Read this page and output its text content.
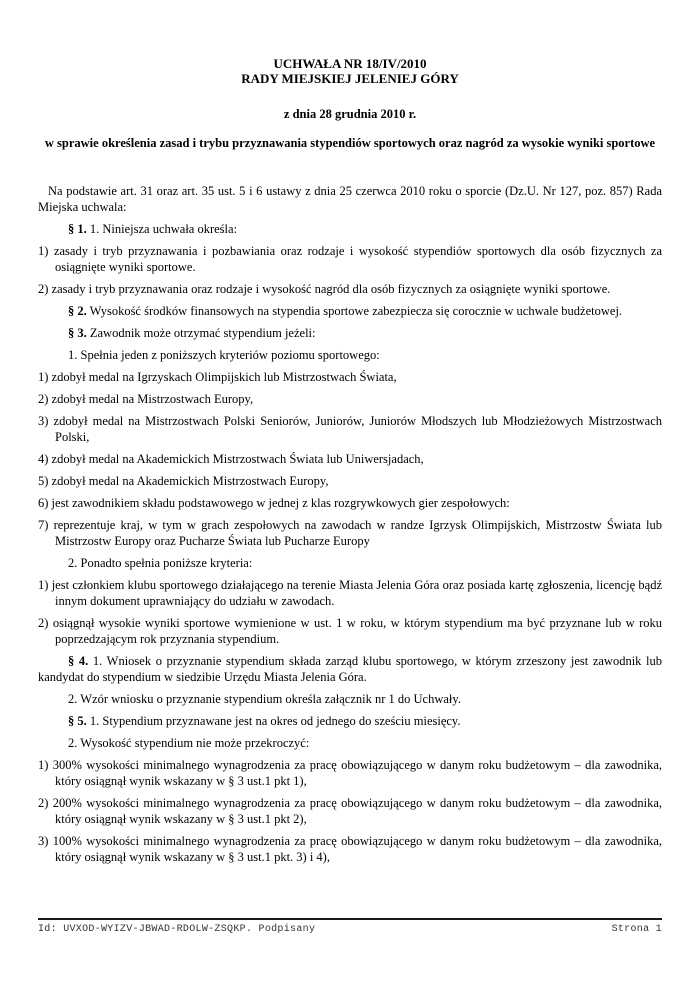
UCHWAŁA NR 18/IV/2010
RADY MIEJSKIEJ JELENIEJ GÓRY
z dnia 28 grudnia 2010 r.
w sprawie określenia zasad i trybu przyznawania stypendiów sportowych oraz nagród za wysokie wyniki sportowe

Na podstawie art. 31 oraz art. 35 ust. 5 i 6 ustawy z dnia 25 czerwca 2010 roku o sporcie (Dz.U. Nr 127, poz. 857) Rada Miejska uchwala:

§ 1. 1. Niniejsza uchwała określa:

1) zasady i tryb przyznawania i pozbawiania oraz rodzaje i wysokość stypendiów sportowych dla osób fizycznych za osiągnięte wyniki sportowe.

2) zasady i tryb przyznawania oraz rodzaje i wysokość nagród dla osób fizycznych za osiągnięte wyniki sportowe.

§ 2. Wysokość środków finansowych na stypendia sportowe zabezpiecza się corocznie w uchwale budżetowej.

§ 3. Zawodnik może otrzymać stypendium jeżeli:

1. Spełnia jeden z poniższych kryteriów poziomu sportowego:

1) zdobył medal na Igrzyskach Olimpijskich lub Mistrzostwach Świata,

2) zdobył medal na Mistrzostwach Europy,

3) zdobył medal na Mistrzostwach Polski Seniorów, Juniorów, Juniorów Młodszych lub Młodzieżowych Mistrzostwach Polski,

4) zdobył medal na Akademickich Mistrzostwach Świata lub Uniwersjadach,

5) zdobył medal na Akademickich Mistrzostwach Europy,

6) jest zawodnikiem składu podstawowego w jednej z klas rozgrywkowych gier zespołowych:

7) reprezentuje kraj, w tym w grach zespołowych na zawodach w randze Igrzysk Olimpijskich, Mistrzostw Świata lub Mistrzostw Europy oraz Pucharze Świata lub Pucharze Europy

2. Ponadto spełnia poniższe kryteria:

1) jest członkiem klubu sportowego działającego na terenie Miasta Jelenia Góra oraz posiada kartę zgłoszenia, licencję bądź innym dokument uprawniający do udziału w zawodach.

2) osiągnął wysokie wyniki sportowe wymienione w ust. 1 w roku, w którym stypendium ma być przyznane lub w roku poprzedzającym rok przyznania stypendium.

§ 4. 1. Wniosek o przyznanie stypendium składa zarząd klubu sportowego, w którym zrzeszony jest zawodnik lub kandydat do stypendium w siedzibie Urzędu Miasta Jelenia Góra.

2. Wzór wniosku o przyznanie stypendium określa załącznik nr 1 do Uchwały.

§ 5. 1. Stypendium przyznawane jest na okres od jednego do sześciu miesięcy.

2. Wysokość stypendium nie może przekroczyć:

1) 300% wysokości minimalnego wynagrodzenia za pracę obowiązującego w danym roku budżetowym – dla zawodnika, który osiągnął wynik wskazany w § 3 ust.1 pkt 1),

2) 200% wysokości minimalnego wynagrodzenia za pracę obowiązującego w danym roku budżetowym – dla zawodnika, który osiągnął wynik wskazany w § 3 ust.1 pkt 2),

3) 100% wysokości minimalnego wynagrodzenia za pracę obowiązującego w danym roku budżetowym – dla zawodnika, który osiągnął wynik wskazany w § 3 ust.1 pkt. 3) i 4),

Id: UVXOD-WYIZV-JBWAD-RDOLW-ZSQKP. Podpisany	Strona 1
